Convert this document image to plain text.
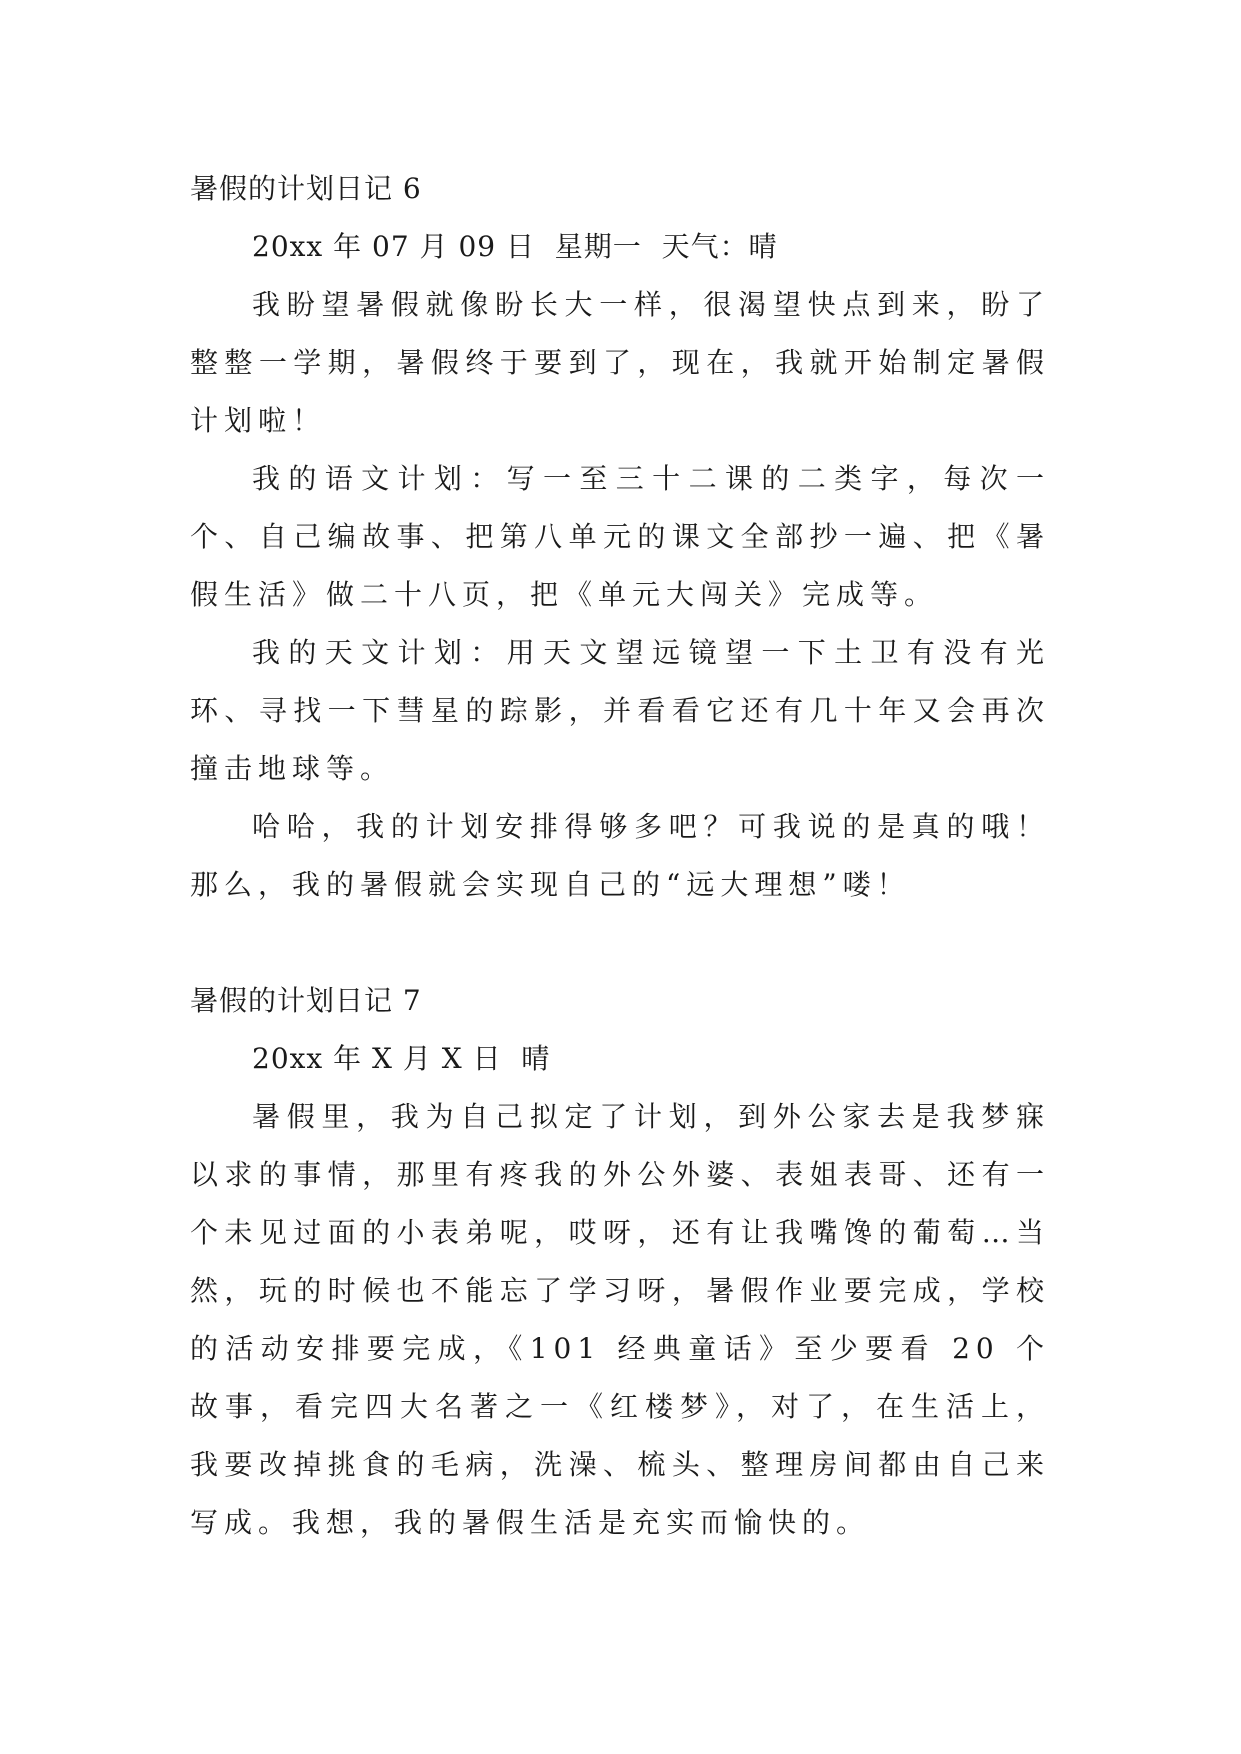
暑假的计划日记 6

20xx 年 07 月 09 日  星期一  天气：晴

我盼望暑假就像盼长大一样，很渴望快点到来，盼了整整一学期，暑假终于要到了，现在，我就开始制定暑假计划啦！

我的语文计划：写一至三十二课的二类字，每次一个、自己编故事、把第八单元的课文全部抄一遍、把《暑假生活》做二十八页，把《单元大闯关》完成等。

我的天文计划：用天文望远镜望一下土卫有没有光环、寻找一下彗星的踪影，并看看它还有几十年又会再次撞击地球等。

哈哈，我的计划安排得够多吧？可我说的是真的哦！那么，我的暑假就会实现自己的“远大理想”喽！

暑假的计划日记 7

20xx 年 X 月 X 日  晴

暑假里，我为自己拟定了计划，到外公家去是我梦寐以求的事情，那里有疼我的外公外婆、表姐表哥、还有一个未见过面的小表弟呢，哎呀，还有让我嘴馋的葡萄…当然，玩的时候也不能忘了学习呀，暑假作业要完成，学校的活动安排要完成，《101 经典童话》至少要看 20 个故事，看完四大名著之一《红楼梦》，对了，在生活上，我要改掉挑食的毛病，洗澡、梳头、整理房间都由自己来写成。我想，我的暑假生活是充实而愉快的。
